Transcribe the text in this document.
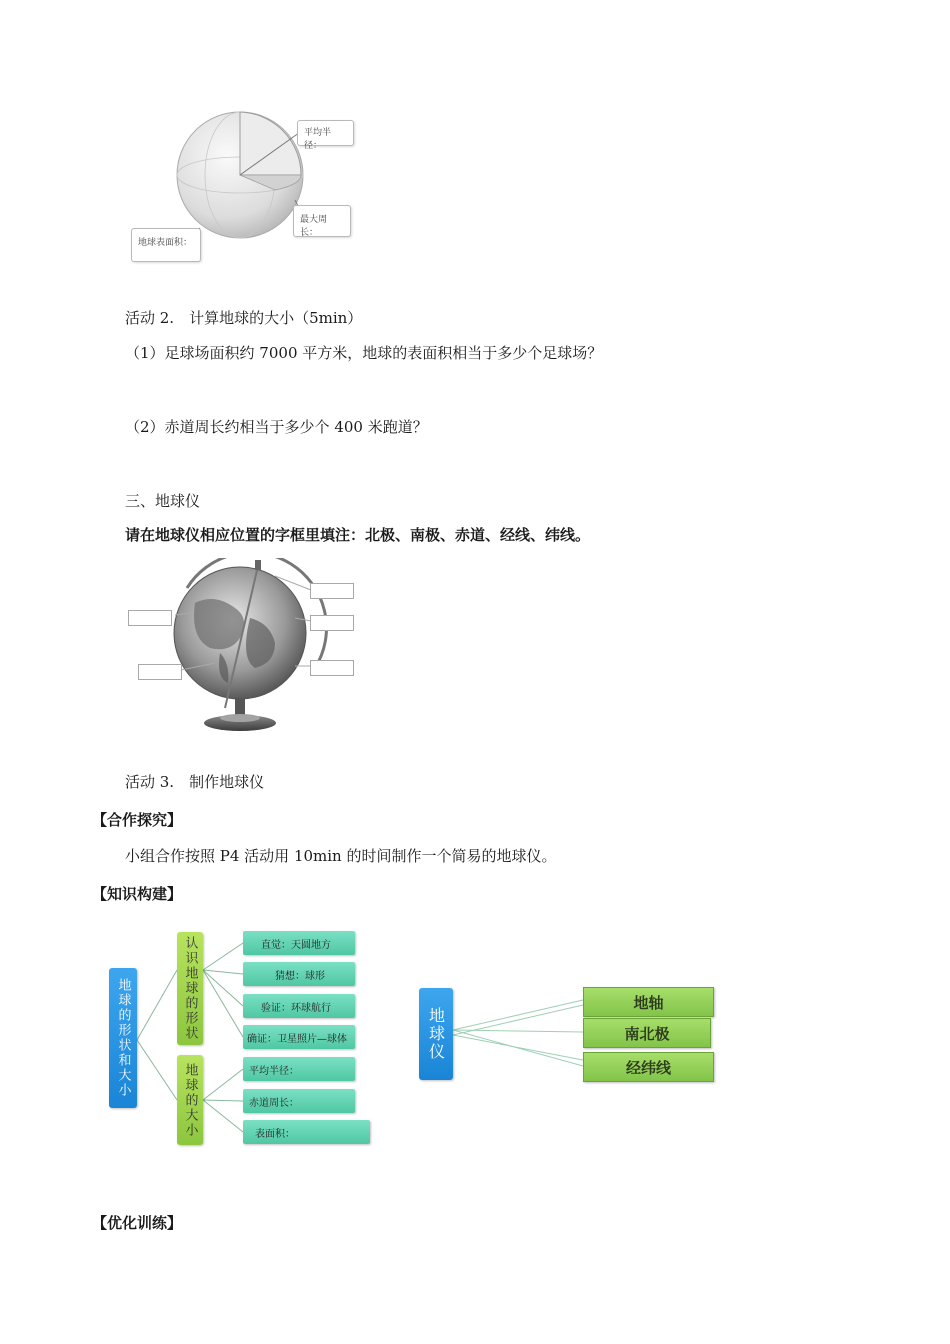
平均半径：
最大周长：
地球表面积：
活动 2.　计算地球的大小（5min）
（1）足球场面积约 7000 平方米，地球的表面积相当于多少个足球场？
（2）赤道周长约相当于多少个 400 米跑道？
三、地球仪
请在地球仪相应位置的字框里填注：北极、南极、赤道、经线、纬线。
活动 3.　制作地球仪
【合作探究】
小组合作按照 P4 活动用 10min 的时间制作一个简易的地球仪。
【知识构建】
地球的形状和大小	认识地球的形状
地球的大小
直觉：天圆地方
猜想：球形
验证：环球航行
确证：卫星照片—球体
平均半径：
赤道周长：
表面积：
地球仪
地轴
南北极
经纬线
【优化训练】
